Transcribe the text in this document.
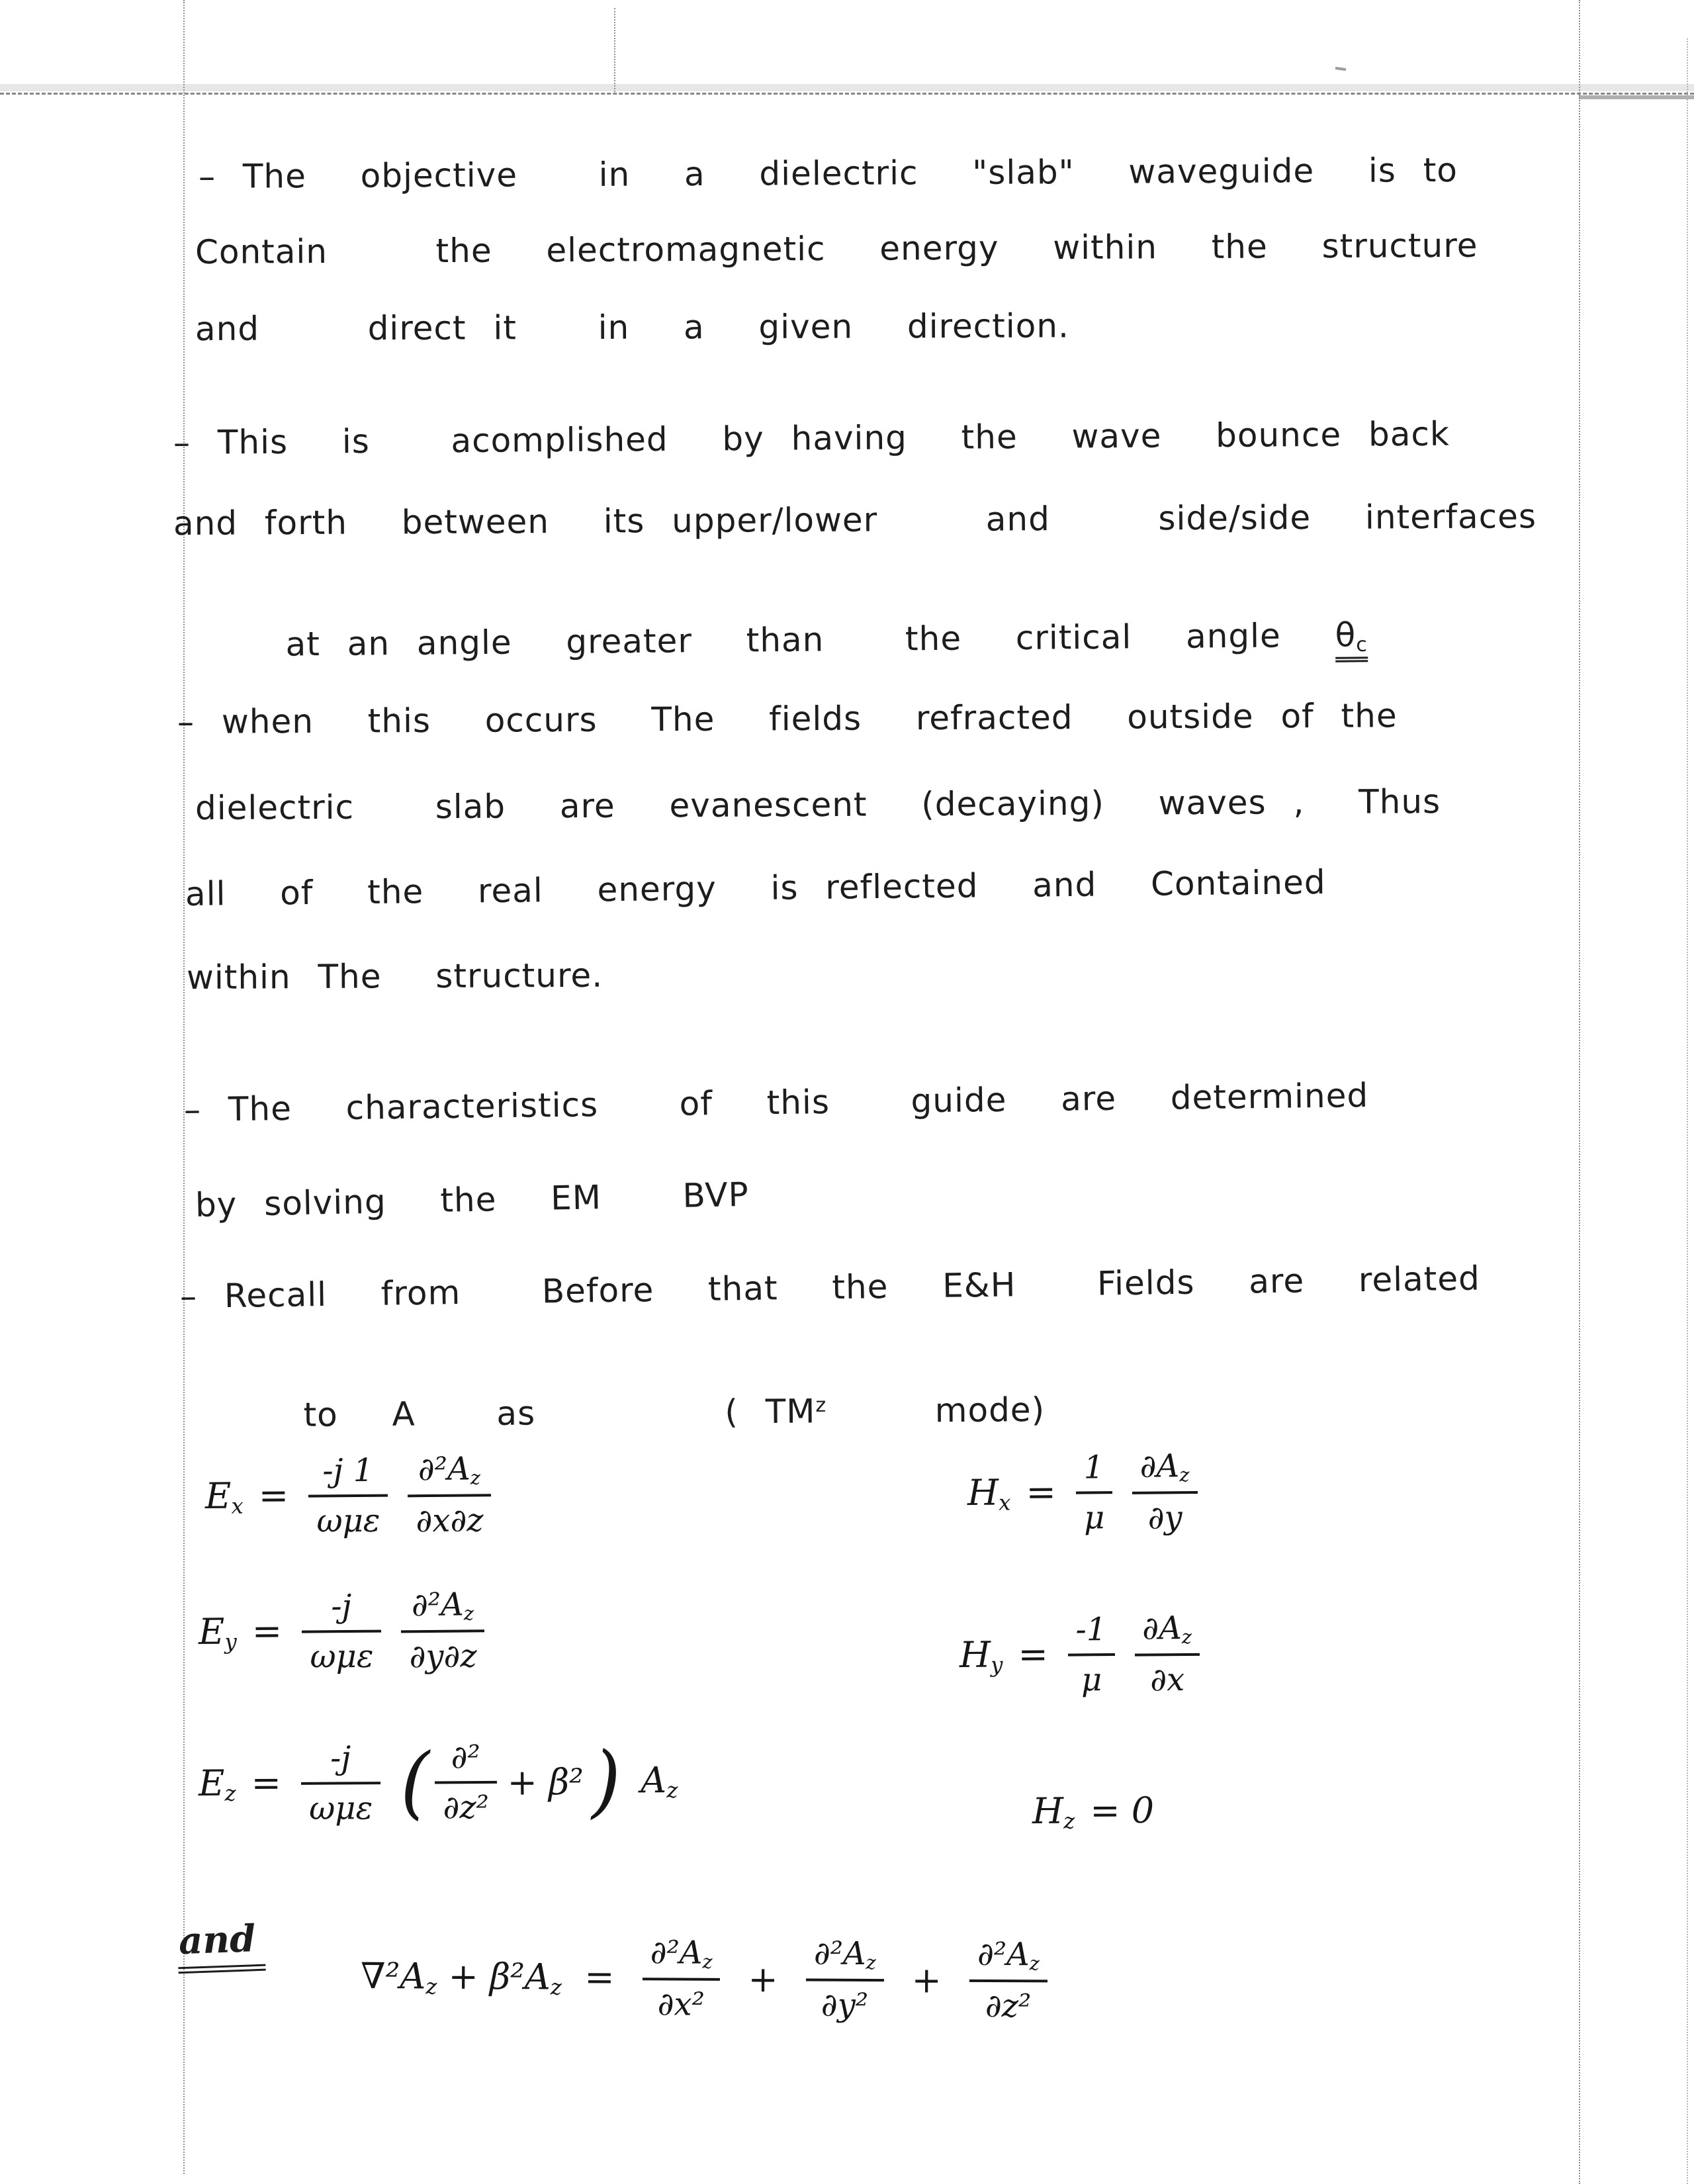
– The  objective   in  a  dielectric  "slab"  waveguide  is to
Contain    the  electromagnetic  energy  within  the  structure
and    direct it   in  a  given  direction.
– This  is   acomplished  by having  the  wave  bounce back
and forth  between  its upper/lower    and    side/side  interfaces

at an angle  greater  than   the  critical  angle  θc

– when  this  occurs  The  fields  refracted  outside of the
dielectric   slab  are  evanescent  (decaying)  waves ,  Thus
all  of  the  real  energy  is reflected  and  Contained
within The  structure.
– The  characteristics   of  this   guide  are  determined
by solving  the  EM   BVP
– Recall  from   Before  that  the  E&H   Fields  are  related

to  A   as       ( $TM^z$    mode)

$Ex = \frac{-j 1}{\text{ωμε}} \frac{\text{∂²Az}}{\partial x\partial z}$	$Hx = \frac{1}{\mu} \frac{\partial Az}{\partial y}$
$Ey = \frac{-j}{\text{ωμε}} \frac{\text{∂²Az}}{\partial y\partial z}$	$Hy = \frac{-1}{\mu} \frac{\partial Az}{\partial x}$
$Ez = \frac{-j}{\text{ωμε}}$ ( $\frac{\text{∂²}}{\text{∂z²}} + \beta^2$ ) Az	Hz = 0
and
$\nabla^2Az + \beta^2Az = \frac{\text{∂²Az}}{\text{∂x²}} + \frac{\text{∂²Az}}{\text{∂y²}} + \frac{\text{∂²Az}}{\text{∂z²}}$
